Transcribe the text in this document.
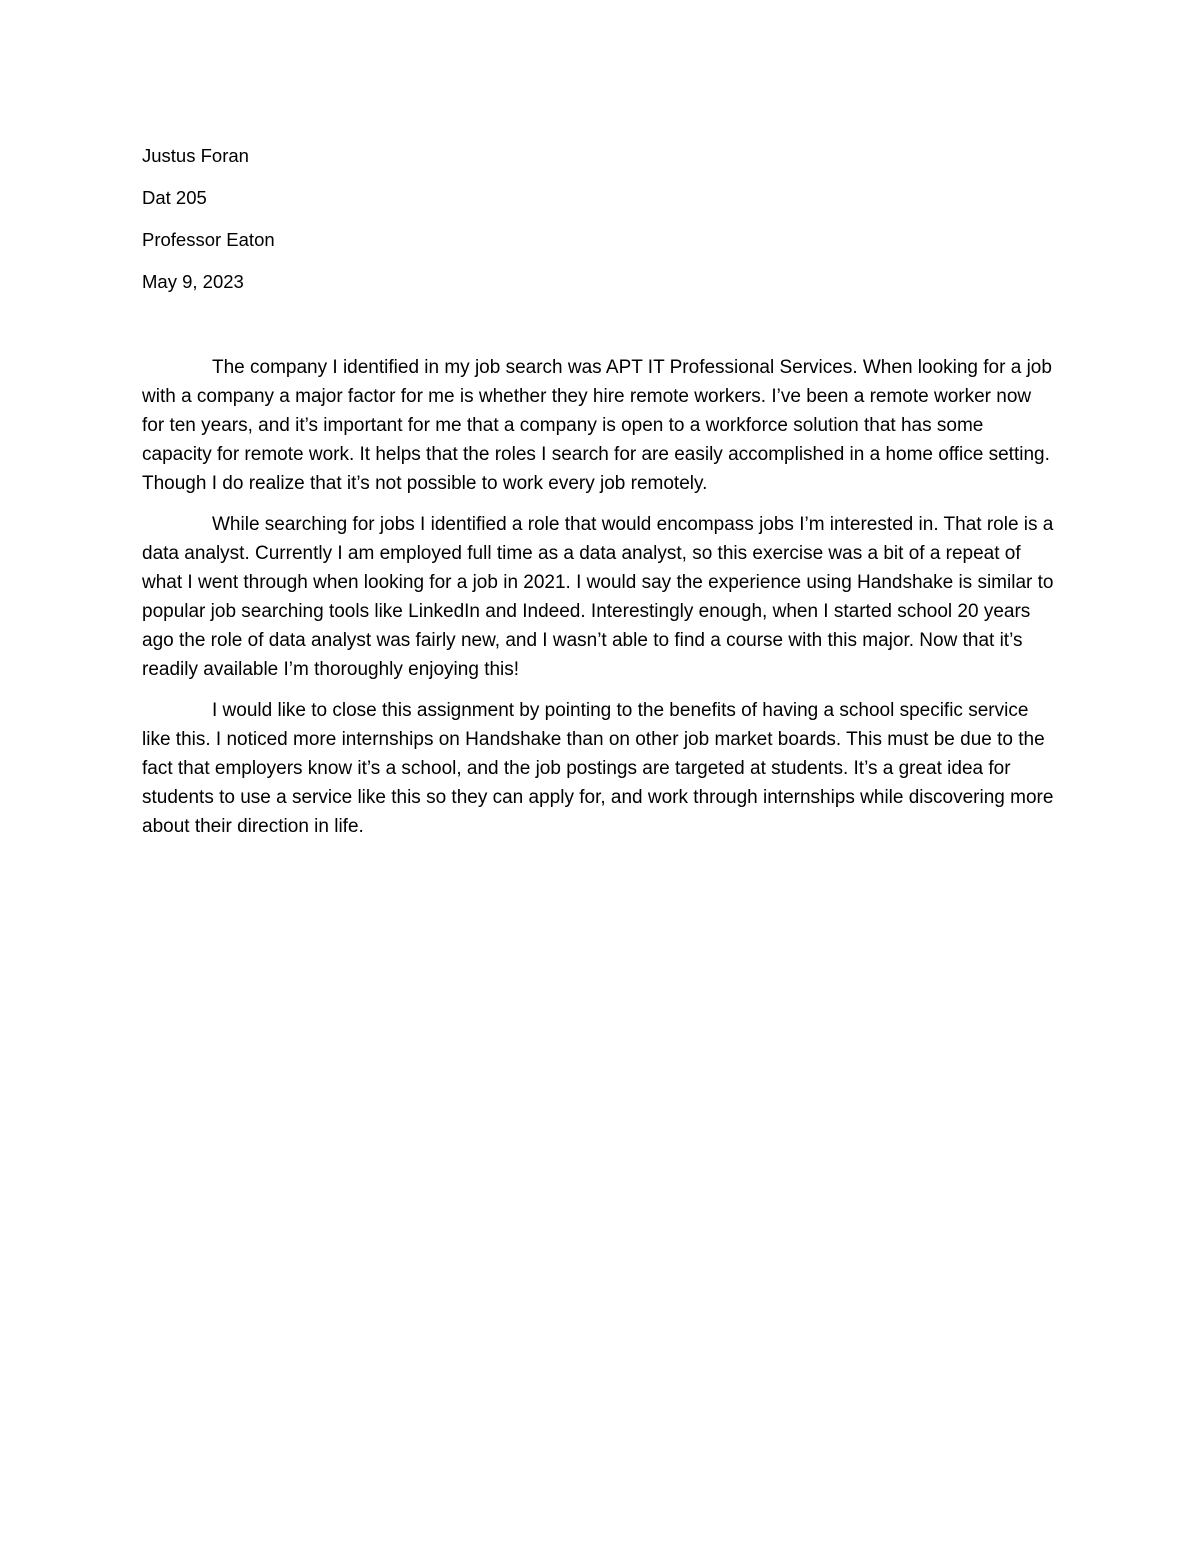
Justus Foran
Dat 205
Professor Eaton
May 9, 2023

The company I identified in my job search was APT IT Professional Services. When looking for a job with a company a major factor for me is whether they hire remote workers. I’ve been a remote worker now for ten years, and it’s important for me that a company is open to a workforce solution that has some capacity for remote work. It helps that the roles I search for are easily accomplished in a home office setting. Though I do realize that it’s not possible to work every job remotely.

While searching for jobs I identified a role that would encompass jobs I’m interested in. That role is a data analyst. Currently I am employed full time as a data analyst, so this exercise was a bit of a repeat of what I went through when looking for a job in 2021. I would say the experience using Handshake is similar to popular job searching tools like LinkedIn and Indeed. Interestingly enough, when I started school 20 years ago the role of data analyst was fairly new, and I wasn’t able to find a course with this major. Now that it’s readily available I’m thoroughly enjoying this!

I would like to close this assignment by pointing to the benefits of having a school specific service like this. I noticed more internships on Handshake than on other job market boards. This must be due to the fact that employers know it’s a school, and the job postings are targeted at students. It’s a great idea for students to use a service like this so they can apply for, and work through internships while discovering more about their direction in life.
